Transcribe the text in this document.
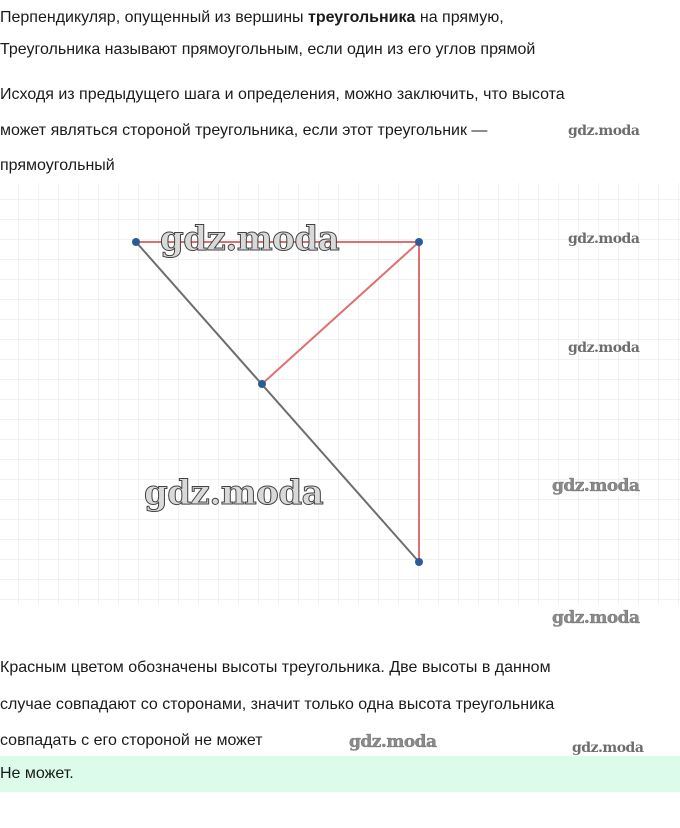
Перпендикуляр, опущенный из вершины треугольника на прямую,

Треугольника называют прямоугольным, если один из его углов прямой

Исходя из предыдущего шага и определения, можно заключить, что высота

может являться стороной треугольника, если этот треугольник —

прямоугольный

gdz.moda
gdz.moda
gdz.moda
gdz.moda
gdz.moda
gdz.moda
gdz.moda

Красным цветом обозначены высоты треугольника. Две высоты в данном

случае совпадают со сторонами, значит только одна высота треугольника

совпадать с его стороной не может	gdz.moda	gdz.moda
Не может.
